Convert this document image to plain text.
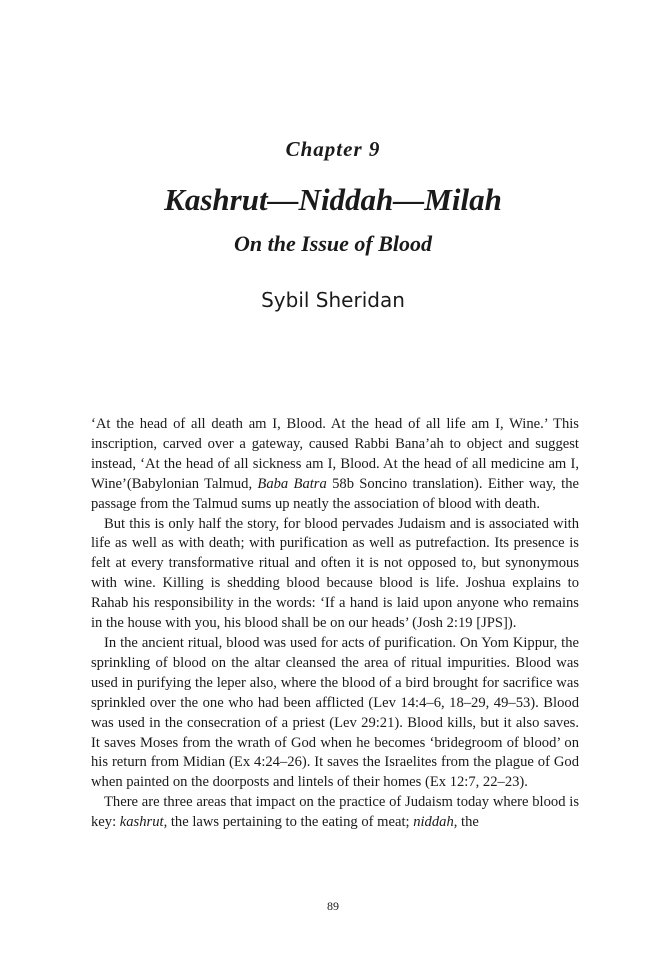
Chapter 9
Kashrut—Niddah—Milah
On the Issue of Blood
Sybil Sheridan

‘At the head of all death am I, Blood. At the head of all life am I, Wine.’ This inscription, carved over a gateway, caused Rabbi Bana’ah to object and suggest instead, ‘At the head of all sickness am I, Blood. At the head of all medicine am I, Wine’(Babylonian Talmud, Baba Batra 58b Soncino translation). Either way, the passage from the Talmud sums up neatly the association of blood with death.

But this is only half the story, for blood pervades Judaism and is associated with life as well as with death; with purification as well as putrefaction. Its presence is felt at every transformative ritual and often it is not opposed to, but synonymous with wine. Killing is shedding blood because blood is life. Joshua explains to Rahab his responsibility in the words: ‘If a hand is laid upon anyone who remains in the house with you, his blood shall be on our heads’ (Josh 2:19 [JPS]).

In the ancient ritual, blood was used for acts of purification. On Yom Kippur, the sprinkling of blood on the altar cleansed the area of ritual impurities. Blood was used in purifying the leper also, where the blood of a bird brought for sacrifice was sprinkled over the one who had been afflicted (Lev 14:4–6, 18–29, 49–53). Blood was used in the consecration of a priest (Lev 29:21). Blood kills, but it also saves. It saves Moses from the wrath of God when he becomes ‘bridegroom of blood’ on his return from Midian (Ex 4:24–26). It saves the Israelites from the plague of God when painted on the doorposts and lintels of their homes (Ex 12:7, 22–23).

There are three areas that impact on the practice of Judaism today where blood is key: kashrut, the laws pertaining to the eating of meat; niddah, the

89
